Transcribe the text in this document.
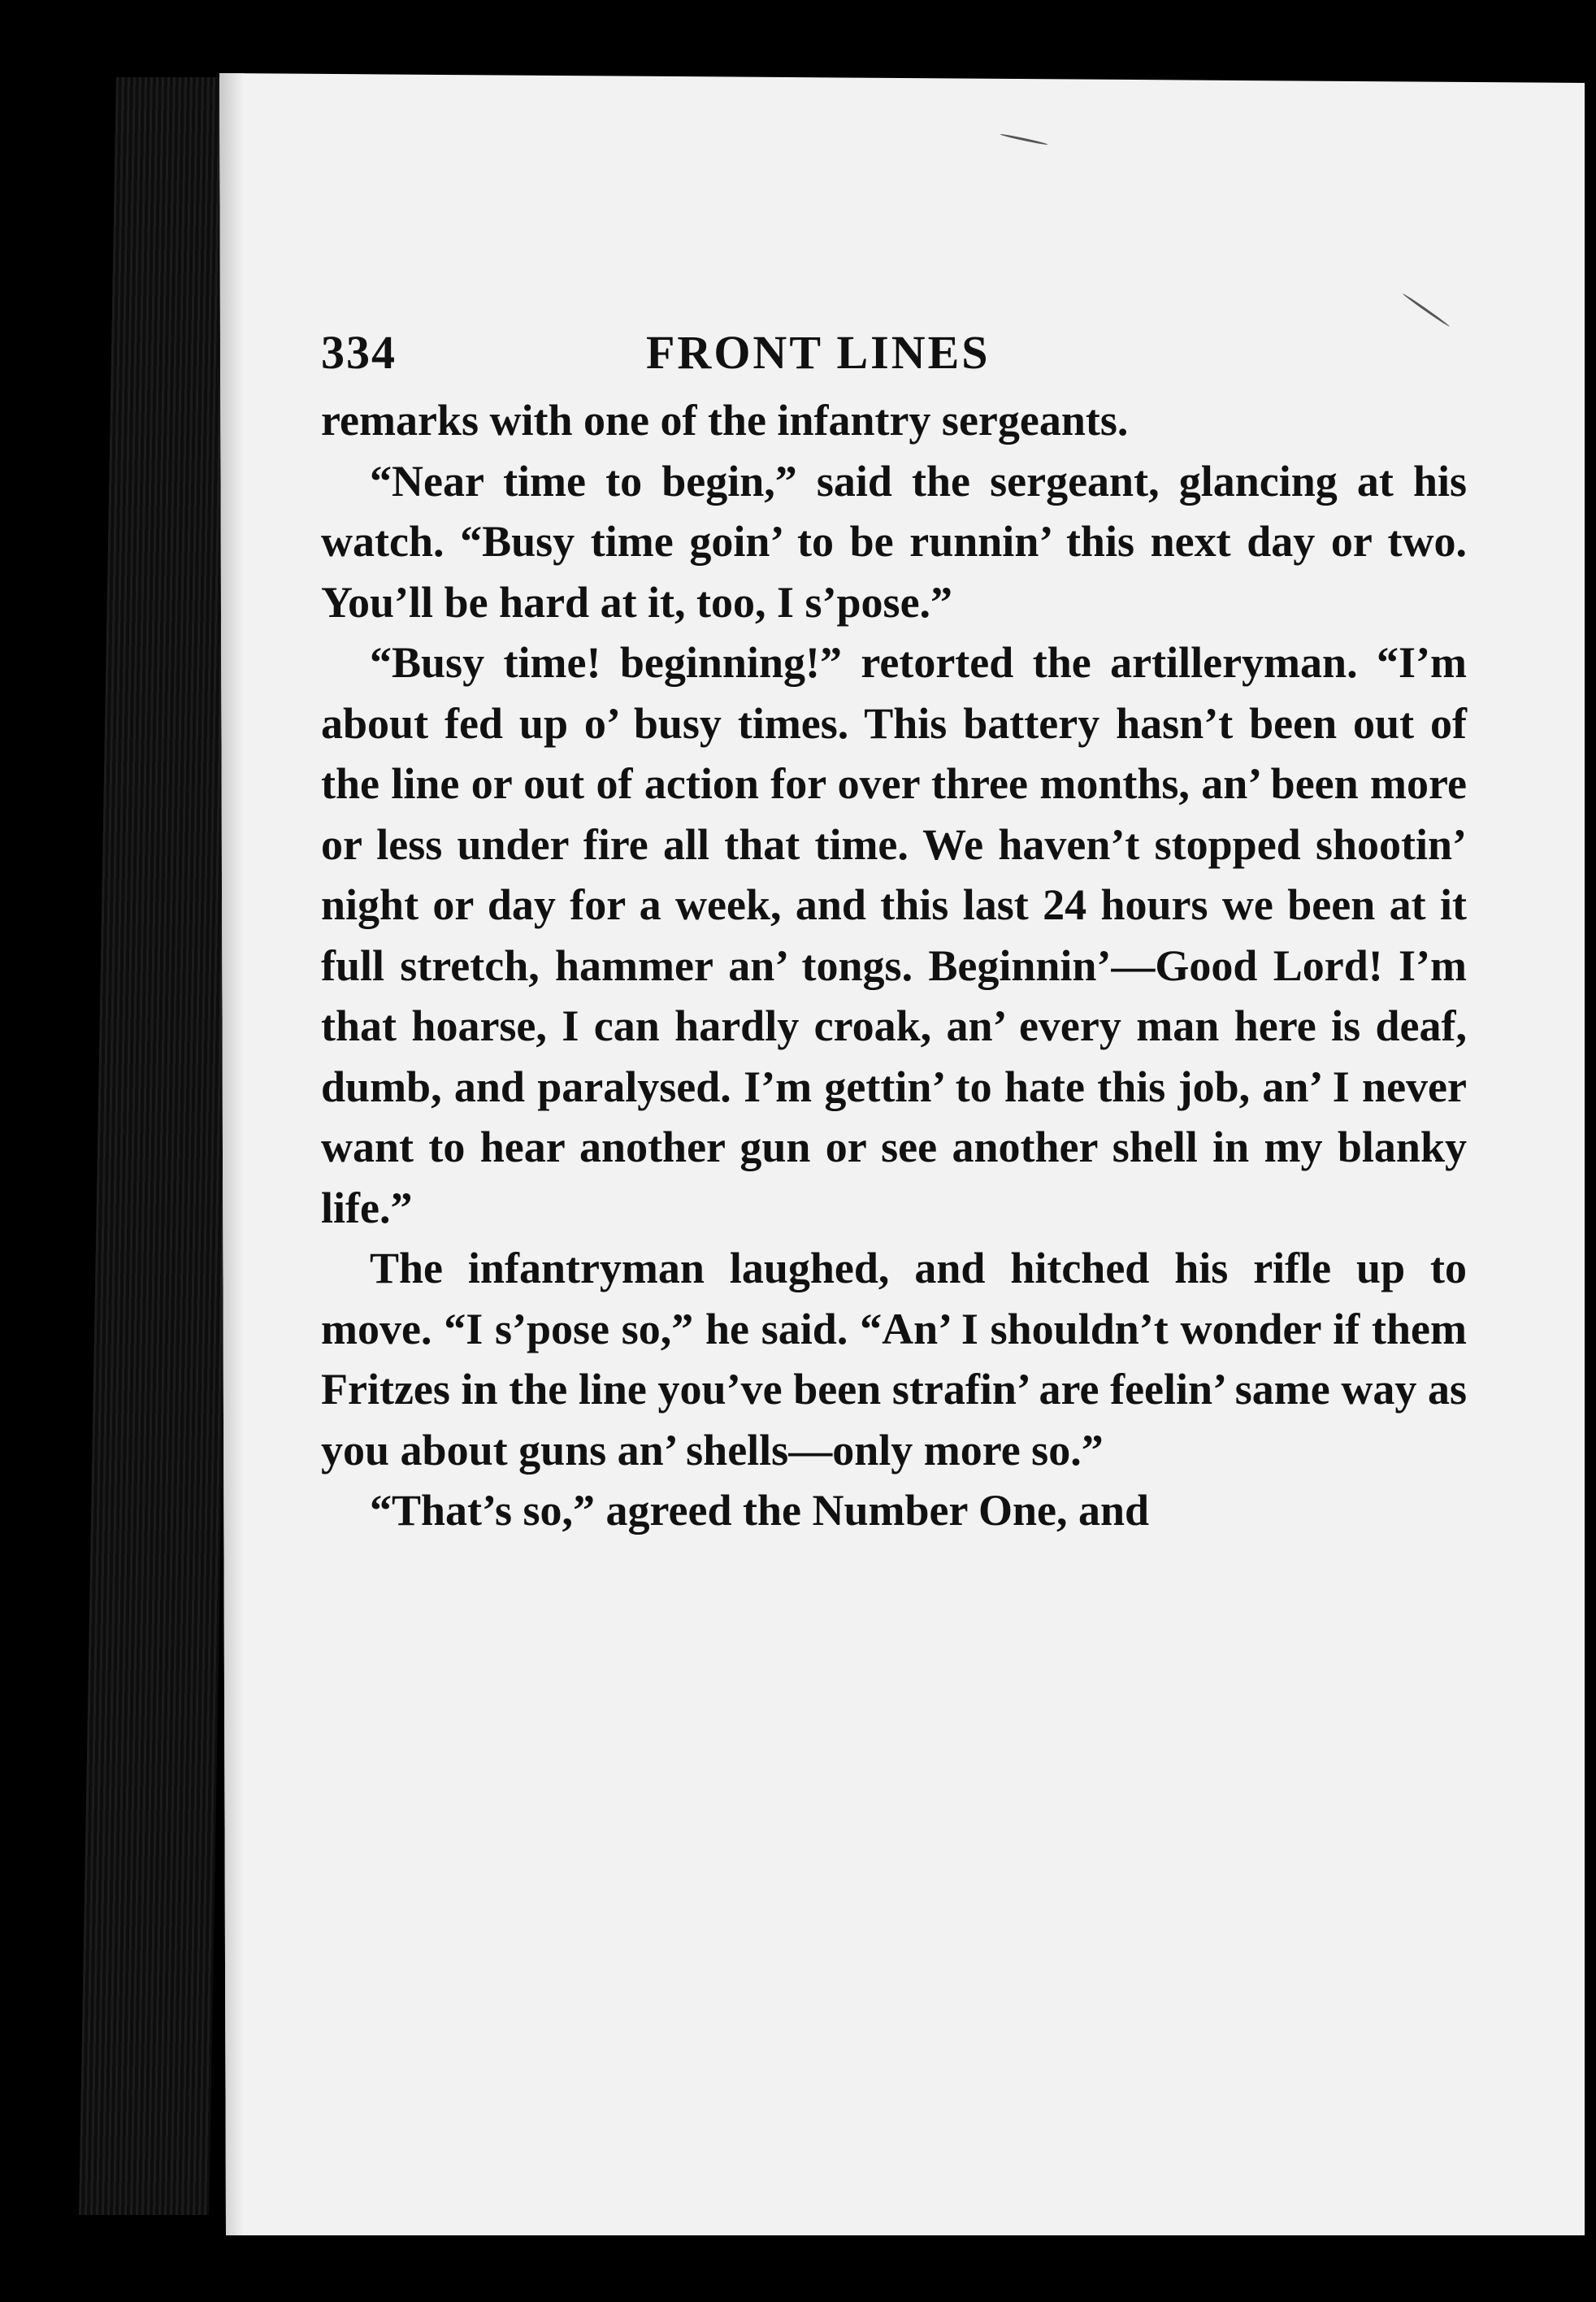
334	FRONT LINES

remarks with one of the infantry sergeants.

“Near time to begin,” said the sergeant, glancing at his watch. “Busy time goin’ to be runnin’ this next day or two. You’ll be hard at it, too, I s’pose.”

“Busy time! beginning!” retorted the artilleryman. “I’m about fed up o’ busy times. This battery hasn’t been out of the line or out of action for over three months, an’ been more or less under fire all that time. We haven’t stopped shootin’ night or day for a week, and this last 24 hours we been at it full stretch, hammer an’ tongs. Beginnin’—Good Lord! I’m that hoarse, I can hardly croak, an’ every man here is deaf, dumb, and paralysed. I’m gettin’ to hate this job, an’ I never want to hear another gun or see another shell in my blanky life.”

The infantryman laughed, and hitched his rifle up to move. “I s’pose so,” he said. “An’ I shouldn’t wonder if them Fritzes in the line you’ve been strafin’ are feelin’ same way as you about guns an’ shells—only more so.”

“That’s so,” agreed the Number One, and
